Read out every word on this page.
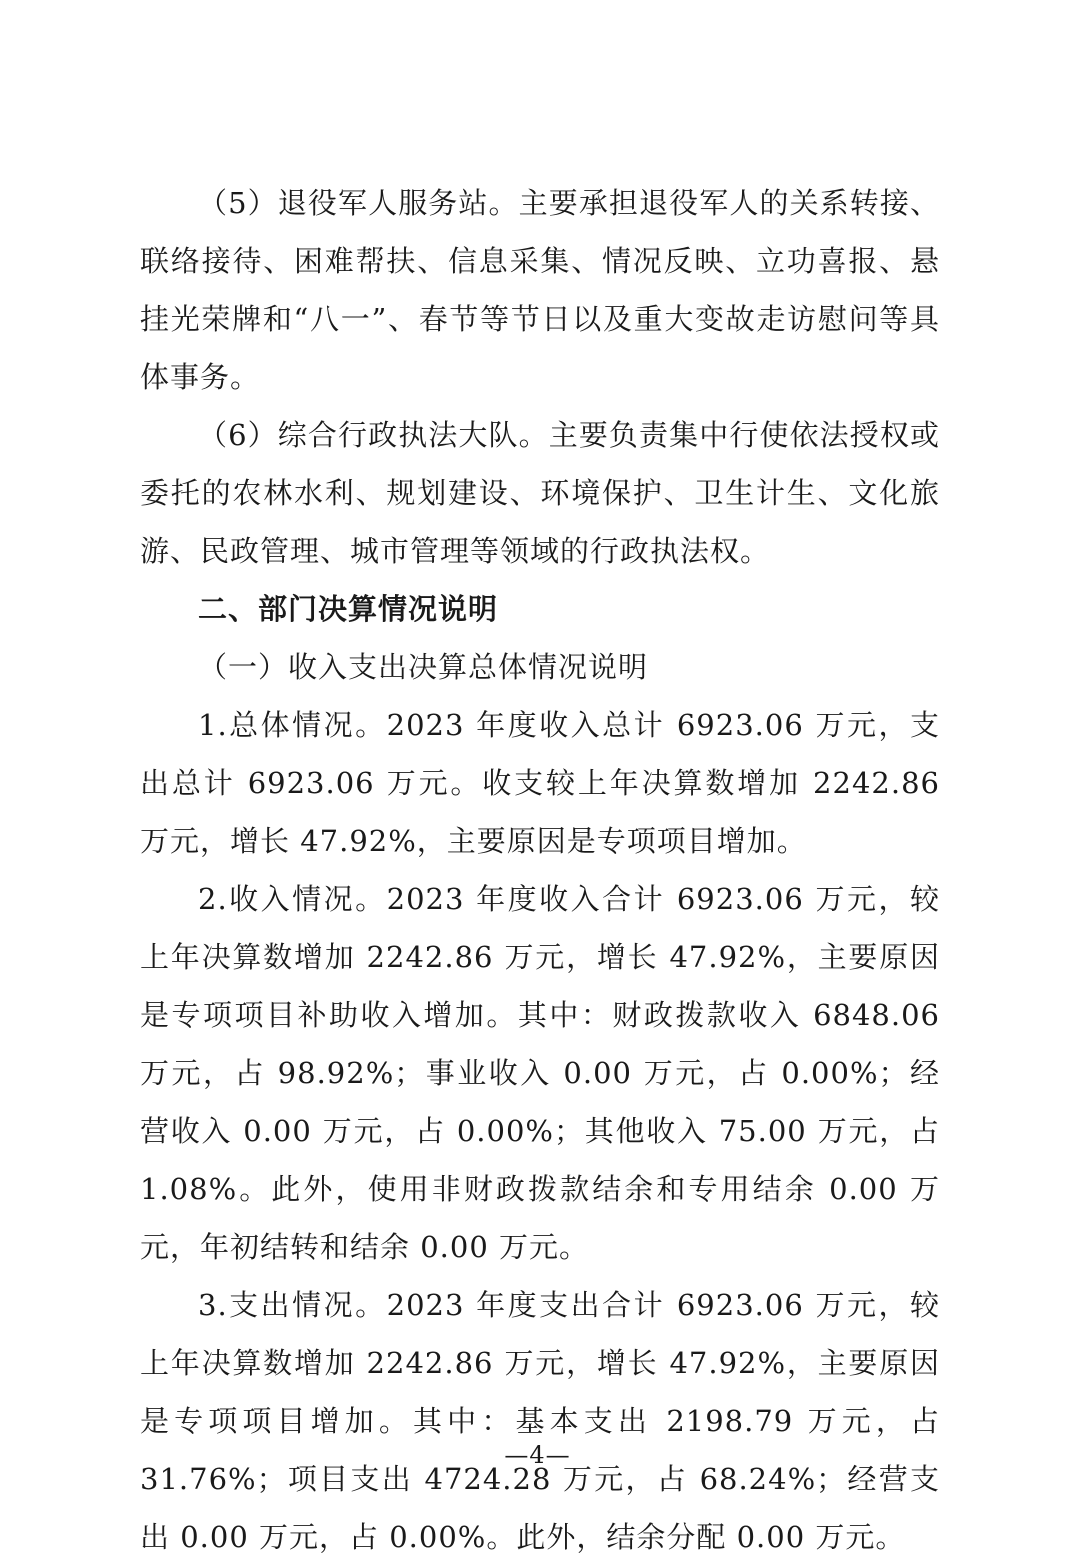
（5）退役军人服务站。主要承担退役军人的关系转接、联络接待、困难帮扶、信息采集、情况反映、立功喜报、悬挂光荣牌和“八一”、春节等节日以及重大变故走访慰问等具体事务。

（6）综合行政执法大队。主要负责集中行使依法授权或委托的农林水利、规划建设、环境保护、卫生计生、文化旅游、民政管理、城市管理等领域的行政执法权。

二、部门决算情况说明

（一）收入支出决算总体情况说明

1.总体情况。2023 年度收入总计 6923.06 万元，支出总计 6923.06 万元。收支较上年决算数增加 2242.86 万元，增长 47.92%，主要原因是专项项目增加。

2.收入情况。2023 年度收入合计 6923.06 万元，较上年决算数增加 2242.86 万元，增长 47.92%，主要原因是专项项目补助收入增加。其中：财政拨款收入 6848.06 万元，占 98.92%；事业收入 0.00 万元，占 0.00%；经营收入 0.00 万元，占 0.00%；其他收入 75.00 万元，占 1.08%。此外，使用非财政拨款结余和专用结余 0.00 万元，年初结转和结余 0.00 万元。

3.支出情况。2023 年度支出合计 6923.06 万元，较上年决算数增加 2242.86 万元，增长 47.92%，主要原因是专项项目增加。其中：基本支出 2198.79 万元，占 31.76%；项目支出 4724.28 万元，占 68.24%；经营支出 0.00 万元，占 0.00%。此外，结余分配 0.00 万元。

—4—
